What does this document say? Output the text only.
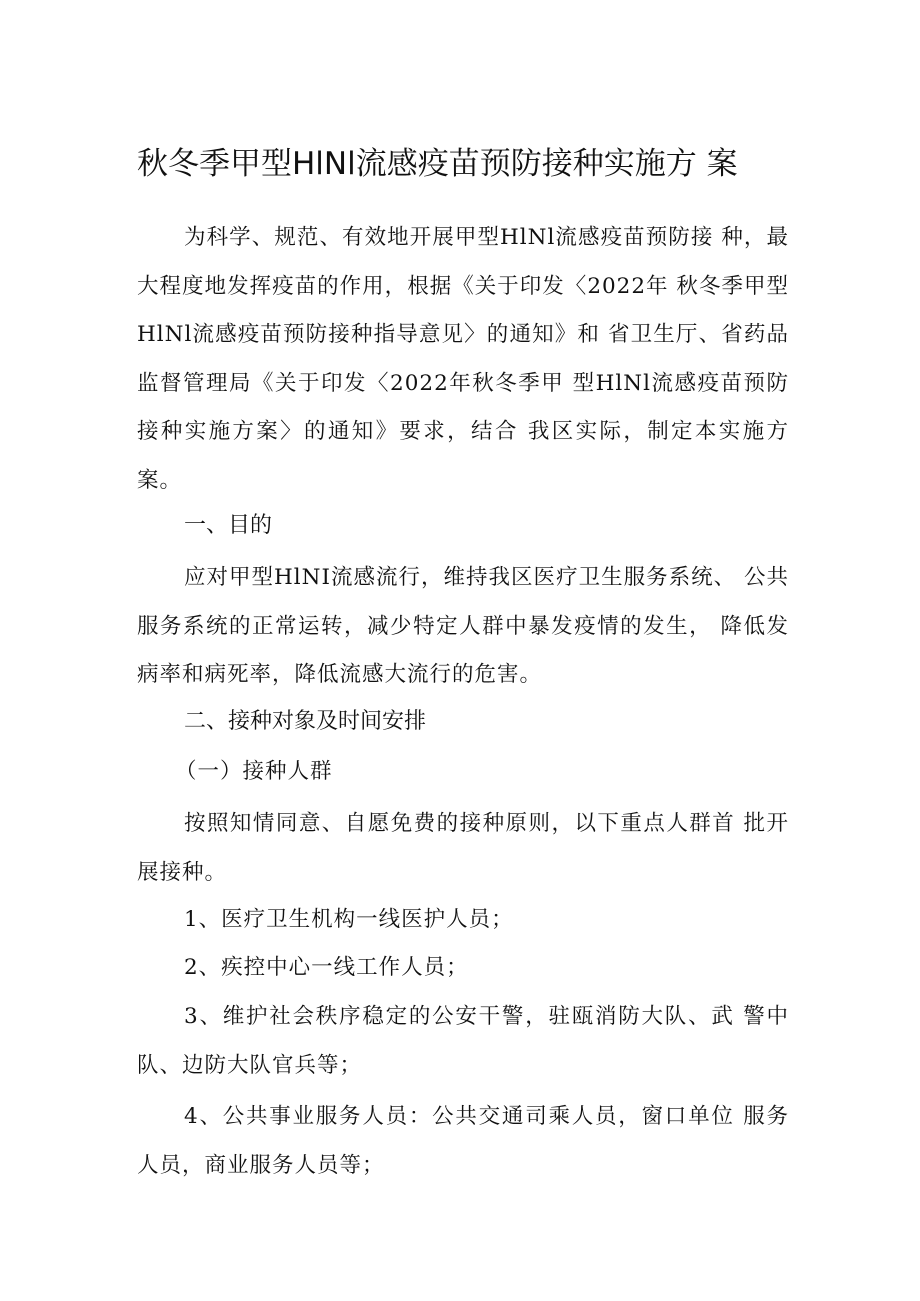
秋冬季甲型HlNl流感疫苗预防接种实施方 案
为科学、规范、有效地开展甲型HlNl流感疫苗预防接 种，最大程度地发挥疫苗的作用，根据《关于印发〈2022年 秋冬季甲型HlNl流感疫苗预防接种指导意见〉的通知》和 省卫生厅、省药品监督管理局《关于印发〈2022年秋冬季甲 型HlNl流感疫苗预防接种实施方案〉的通知》要求，结合 我区实际，制定本实施方案。
一、目的
应对甲型HlNI流感流行，维持我区医疗卫生服务系统、 公共服务系统的正常运转，减少特定人群中暴发疫情的发生， 降低发病率和病死率，降低流感大流行的危害。
二、接种对象及时间安排
（一）接种人群
按照知情同意、自愿免费的接种原则，以下重点人群首 批开展接种。
1、医疗卫生机构一线医护人员；
2、疾控中心一线工作人员；
3、维护社会秩序稳定的公安干警，驻瓯消防大队、武 警中队、边防大队官兵等；
4、公共事业服务人员：公共交通司乘人员，窗口单位 服务人员，商业服务人员等；
